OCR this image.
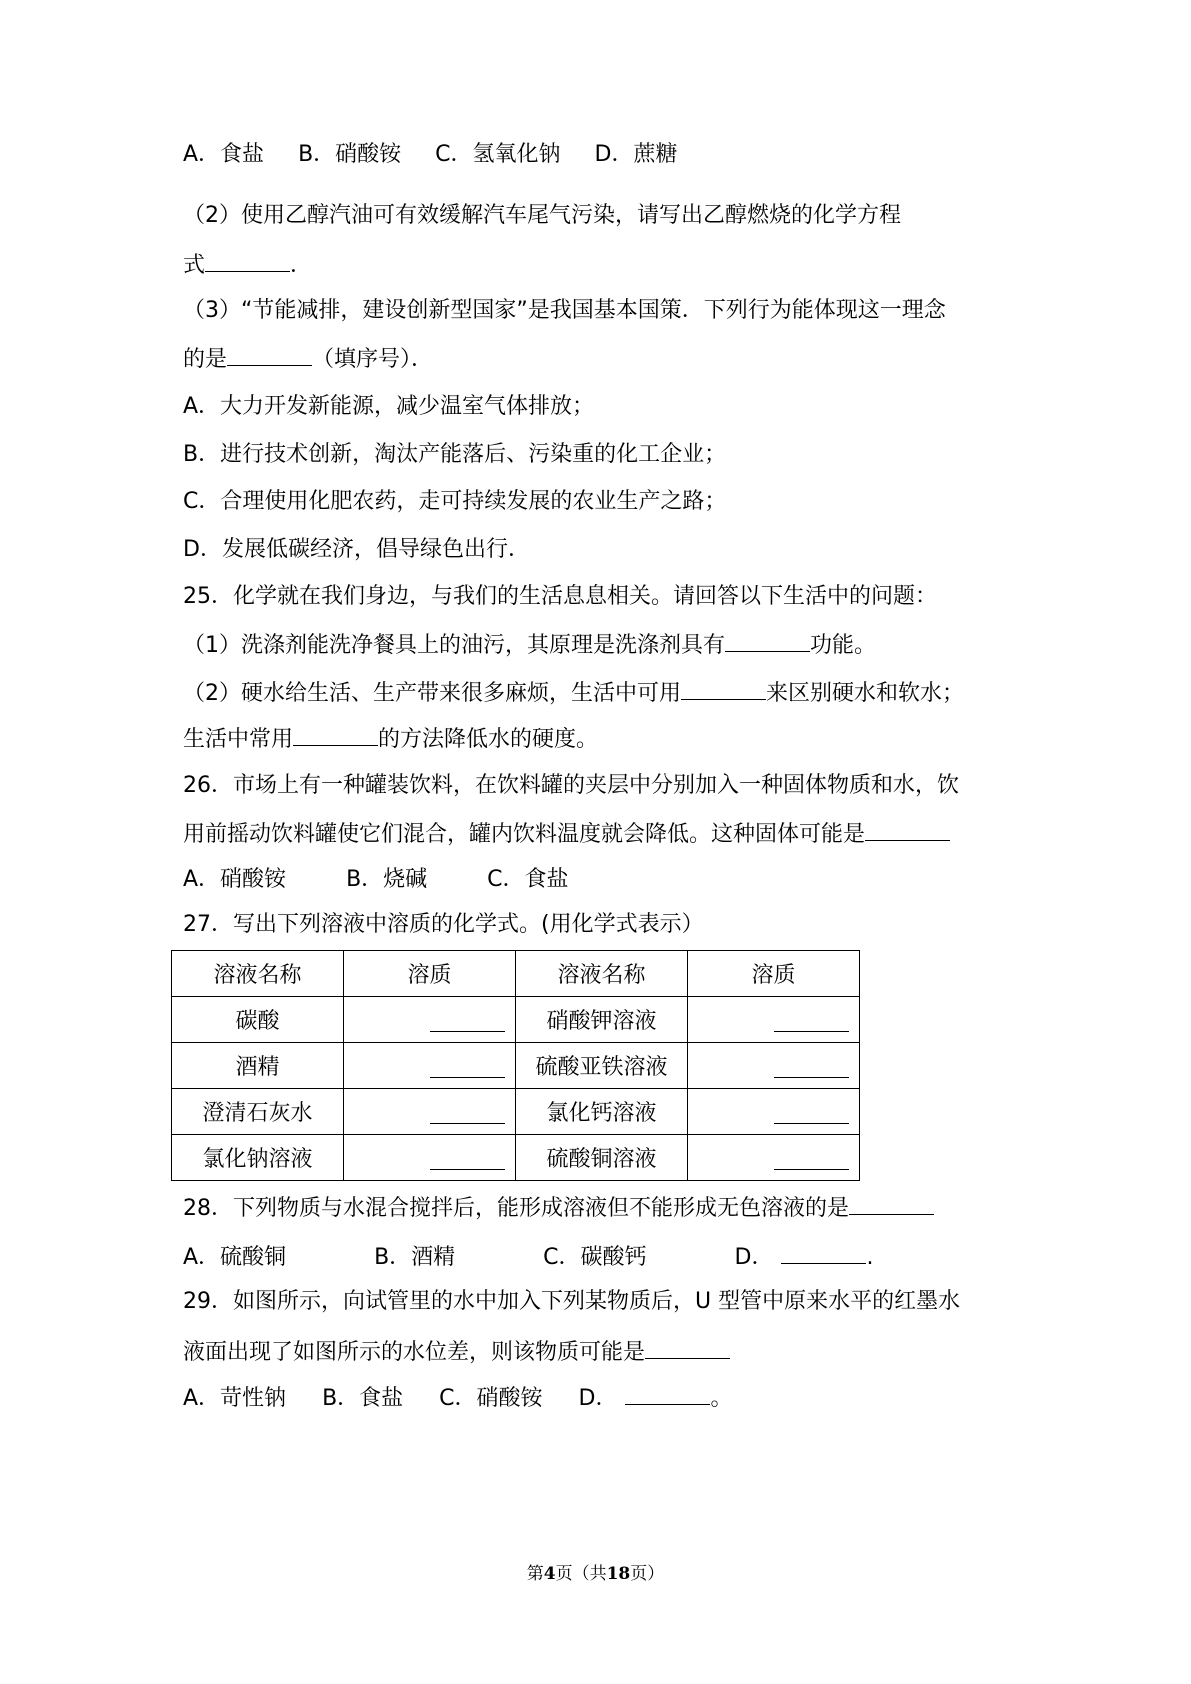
A．食盐 B．硝酸铵 C．氢氧化钠 D．蔗糖
（2）使用乙醇汽油可有效缓解汽车尾气污染，请写出乙醇燃烧的化学方程
式	．
（3）“节能减排，建设创新型国家”是我国基本国策．下列行为能体现这一理念
的是	（填序号）．
A．大力开发新能源，减少温室气体排放；
B．进行技术创新，淘汰产能落后、污染重的化工企业；
C．合理使用化肥农药，走可持续发展的农业生产之路；
D．发展低碳经济，倡导绿色出行．
25．化学就在我们身边，与我们的生活息息相关。请回答以下生活中的问题：
（1）洗涤剂能洗净餐具上的油污，其原理是洗涤剂具有	功能。
（2）硬水给生活、生产带来很多麻烦，生活中可用	来区别硬水和软水；
生活中常用	的方法降低水的硬度。
26．市场上有一种罐装饮料，在饮料罐的夹层中分别加入一种固体物质和水，饮
用前摇动饮料罐使它们混合，罐内饮料温度就会降低。这种固体可能是
A．硝酸铵	B．烧碱	C．食盐
27．写出下列溶液中溶质的化学式。(用化学式表示）
溶液名称	溶质	溶液名称	溶质
碳酸		硝酸钾溶液	
酒精		硫酸亚铁溶液	
澄清石灰水		氯化钙溶液	
氯化钠溶液		硫酸铜溶液	
28．下列物质与水混合搅拌后，能形成溶液但不能形成无色溶液的是
A．硫酸铜	B．酒精	C．碳酸钙	D．	.
29．如图所示，向试管里的水中加入下列某物质后，U 型管中原来水平的红墨水
液面出现了如图所示的水位差，则该物质可能是
A．苛性钠 B．食盐 C．硝酸铵 D．	。
第4页（共18页）
